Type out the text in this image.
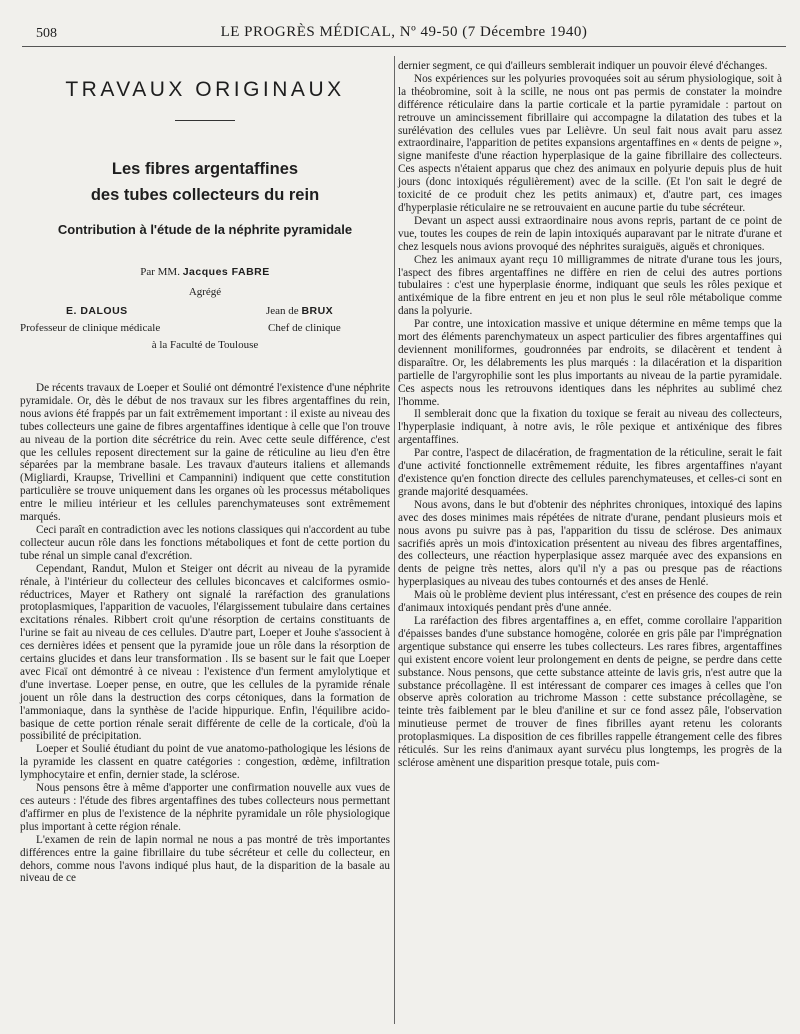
508	LE PROGRÈS MÉDICAL, Nº 49-50 (7 Décembre 1940)
TRAVAUX ORIGINAUX
Les fibres argentaffines
des tubes collecteurs du rein
Contribution à l'étude de la néphrite pyramidale
Par MM. Jacques FABRE
Agrégé
E. DALOUS	Jean de BRUX
Professeur de clinique médicale	Chef de clinique
à la Faculté de Toulouse

De récents travaux de Loeper et Soulié ont démontré l'existence d'une néphrite pyramidale. Or, dès le début de nos travaux sur les fibres argentaffines du rein, nous avions été frappés par un fait extrêmement important : il existe au niveau des tubes collecteurs une gaine de fibres argentaffines identique à celle que l'on trouve au niveau de la portion dite sécrétrice du rein. Avec cette seule différence, c'est que les cellules reposent directement sur la gaine de réticuline au lieu d'en être séparées par la membrane basale. Les travaux d'auteurs italiens et allemands (Migliardi, Kraupse, Trivellini et Campannini) indiquent que cette constitution particulière se trouve uniquement dans les organes où les processus métaboliques entre le milieu intérieur et les cellules parenchymateuses sont extrêmement marqués.

Ceci paraît en contradiction avec les notions classiques qui n'accordent au tube collecteur aucun rôle dans les fonctions métaboliques et font de cette portion du tube rénal un simple canal d'excrétion.

Cependant, Randut, Mulon et Steiger ont décrit au niveau de la pyramide rénale, à l'intérieur du collecteur des cellules biconcaves et calciformes osmio-réductrices, Mayer et Rathery ont signalé la raréfaction des granulations protoplasmiques, l'apparition de vacuoles, l'élargissement tubulaire dans certaines excitations rénales. Ribbert croit qu'une résorption de certains constituants de l'urine se fait au niveau de ces cellules. D'autre part, Loeper et Jouhe s'associent à ces dernières idées et pensent que la pyramide joue un rôle dans la résorption de certains glucides et dans leur transformation . Ils se basent sur le fait que Loeper avec Ficaï ont démontré à ce niveau : l'existence d'un ferment amylolytique et d'une invertase. Loeper pense, en outre, que les cellules de la pyramide rénale jouent un rôle dans la destruction des corps cétoniques, dans la formation de l'ammoniaque, dans la synthèse de l'acide hippurique. Enfin, l'équilibre acido-basique de cette portion rénale serait différente de celle de la corticale, d'où la possibilité de précipitation.

Loeper et Soulié étudiant du point de vue anatomo-pathologique les lésions de la pyramide les classent en quatre catégories : congestion, œdème, infiltration lymphocytaire et enfin, dernier stade, la sclérose.

Nous pensons être à même d'apporter une confirmation nouvelle aux vues de ces auteurs : l'étude des fibres argentaffines des tubes collecteurs nous permettant d'affirmer en plus de l'existence de la néphrite pyramidale un rôle physiologique plus important à cette région rénale.

L'examen de rein de lapin normal ne nous a pas montré de très importantes différences entre la gaine fibrillaire du tube sécréteur et celle du collecteur, en dehors, comme nous l'avons indiqué plus haut, de la disparition de la basale au niveau de ce

dernier segment, ce qui d'ailleurs semblerait indiquer un pouvoir élevé d'échanges.

Nos expériences sur les polyuries provoquées soit au sérum physiologique, soit à la théobromine, soit à la scille, ne nous ont pas permis de constater la moindre différence réticulaire dans la partie corticale et la partie pyramidale : partout on retrouve un amincissement fibrillaire qui accompagne la dilatation des tubes et la surélévation des cellules vues par Lelièvre. Un seul fait nous avait paru assez extraordinaire, l'apparition de petites expansions argentaffines en « dents de peigne », signe manifeste d'une réaction hyperplasique de la gaine fibrillaire des collecteurs. Ces aspects n'étaient apparus que chez des animaux en polyurie depuis plus de huit jours (donc intoxiqués régulièrement) avec de la scille. (Et l'on sait le degré de toxicité de ce produit chez les petits animaux) et, d'autre part, ces images d'hyperplasie réticulaire ne se retrouvaient en aucune partie du tube sécréteur.

Devant un aspect aussi extraordinaire nous avons repris, partant de ce point de vue, toutes les coupes de rein de lapin intoxiqués auparavant par le nitrate d'urane et chez lesquels nous avions provoqué des néphrites suraiguës, aiguës et chroniques.

Chez les animaux ayant reçu 10 milligrammes de nitrate d'urane tous les jours, l'aspect des fibres argentaffines ne diffère en rien de celui des autres portions tubulaires : c'est une hyperplasie énorme, indiquant que seuls les rôles pexique et antixémique de la fibre entrent en jeu et non plus le seul rôle métabolique comme dans la polyurie.

Par contre, une intoxication massive et unique détermine en même temps que la mort des éléments parenchymateux un aspect particulier des fibres argentaffines qui deviennent moniliformes, goudronnées par endroits, se dilacèrent et tendent à disparaître. Or, les délabrements les plus marqués : la dilacération et la disparition partielle de l'argyrophilie sont les plus importants au niveau de la partie pyramidale. Ces aspects nous les retrouvons identiques dans les néphrites au sublimé chez l'homme.

Il semblerait donc que la fixation du toxique se ferait au niveau des collecteurs, l'hyperplasie indiquant, à notre avis, le rôle pexique et antixénique des fibres argentaffines.

Par contre, l'aspect de dilacération, de fragmentation de la réticuline, serait le fait d'une activité fonctionnelle extrêmement réduite, les fibres argentaffines n'ayant d'existence qu'en fonction directe des cellules parenchymateuses, et celles-ci sont en grande majorité desquamées.

Nous avons, dans le but d'obtenir des néphrites chroniques, intoxiqué des lapins avec des doses minimes mais répétées de nitrate d'urane, pendant plusieurs mois et nous avons pu suivre pas à pas, l'apparition du tissu de sclérose. Des animaux sacrifiés après un mois d'intoxication présentent au niveau des fibres argentaffines, des collecteurs, une réaction hyperplasique assez marquée avec des expansions en dents de peigne très nettes, alors qu'il n'y a pas ou presque pas de réactions hyperplasiques au niveau des tubes contournés et des anses de Henlé.

Mais où le problème devient plus intéressant, c'est en présence des coupes de rein d'animaux intoxiqués pendant près d'une année.

La raréfaction des fibres argentaffines a, en effet, comme corollaire l'apparition d'épaisses bandes d'une substance homogène, colorée en gris pâle par l'imprégnation argentique substance qui enserre les tubes collecteurs. Les rares fibres, argentaffines qui existent encore voient leur prolongement en dents de peigne, se perdre dans cette substance. Nous pensons, que cette substance atteinte de lavis gris, n'est autre que la substance précollagène. Il est intéressant de comparer ces images à celles que l'on observe après coloration au trichrome Masson : cette substance précollagène, se teinte très faiblement par le bleu d'aniline et sur ce fond assez pâle, l'observation minutieuse permet de trouver de fines fibrilles ayant retenu les colorants protoplasmiques. La disposition de ces fibrilles rappelle étrangement celle des fibres réticulés. Sur les reins d'animaux ayant survécu plus longtemps, les progrès de la sclérose amènent une disparition presque totale, puis com-
